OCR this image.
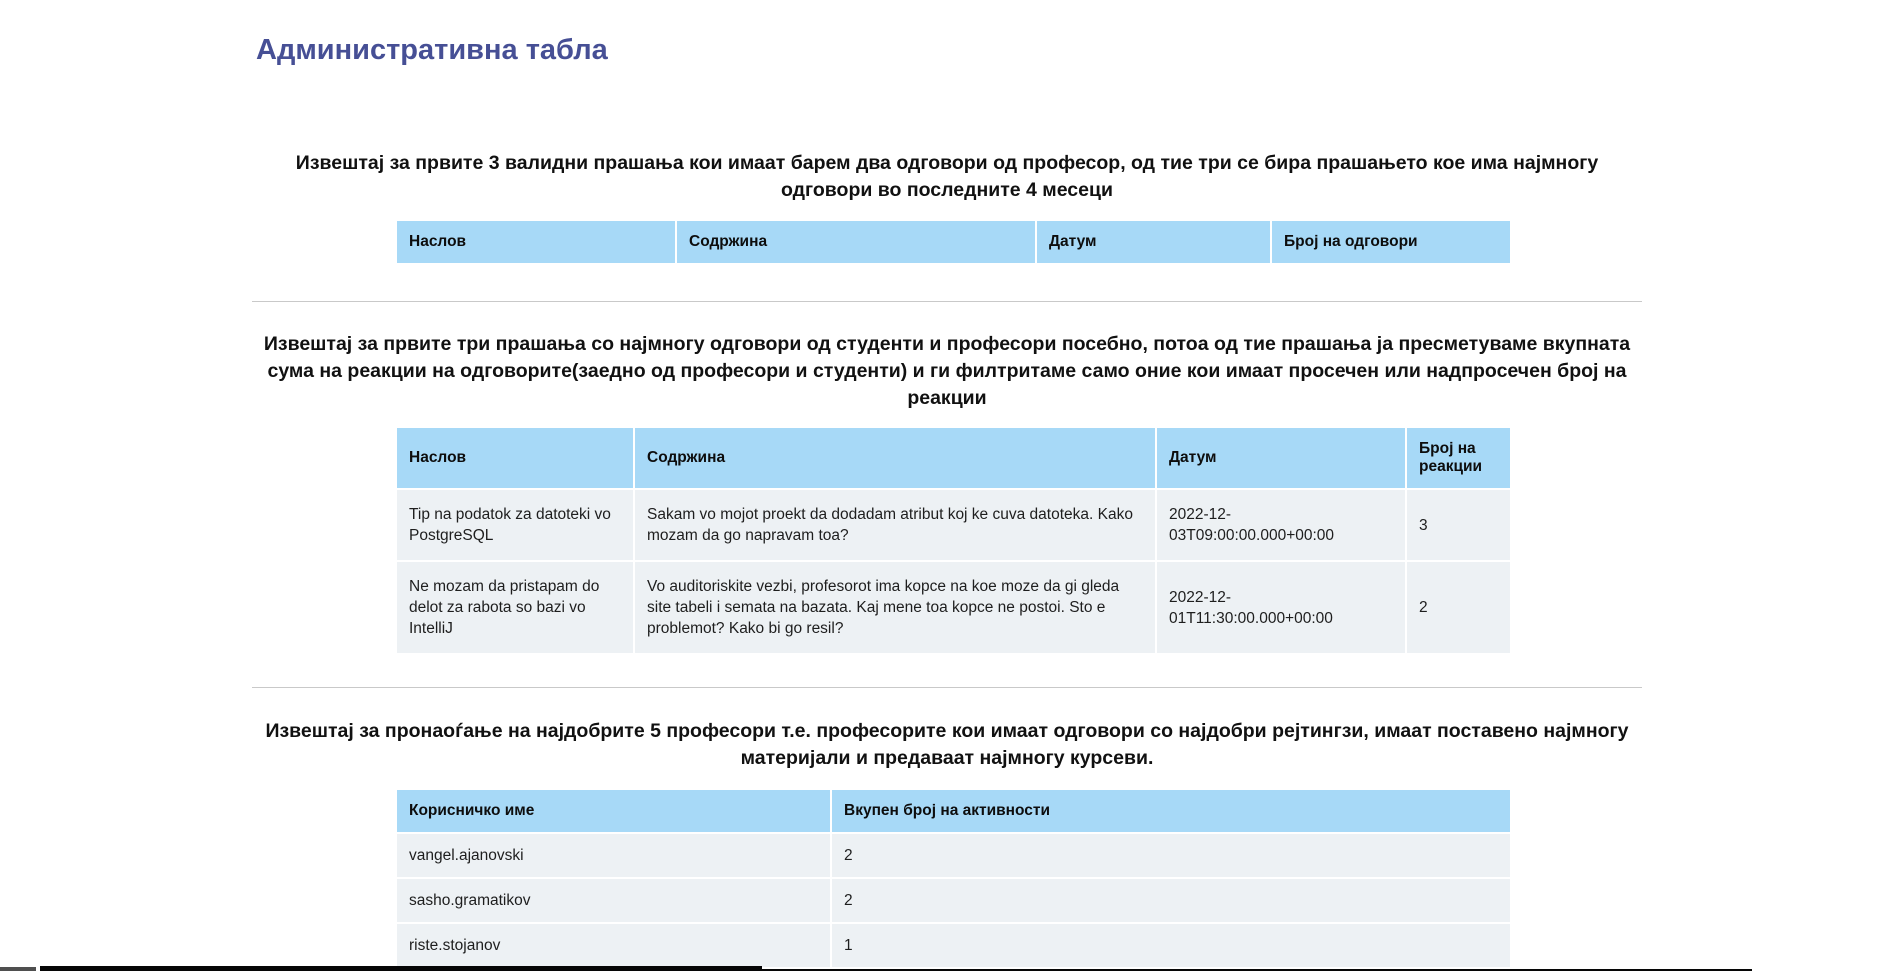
Административна табла
Извештај за првите 3 валидни прашања кои имаат барем два одговори од професор, од тие три се бира прашањето кое има најмногу одговори во последните 4 месеци
Наслов	Содржина	Датум	Број на одговори
Извештај за првите три прашања со најмногу одговори од студенти и професори посебно, потоа од тие прашања ја пресметуваме вкупната сума на реакции на одговорите(заедно од професори и студенти) и ги филтритаме само оние кои имаат просечен или надпросечен број на реакции
Наслов	Содржина	Датум	Број на реакции
Tip na podatok za datoteki vo PostgreSQL	Sakam vo mojot proekt da dodadam atribut koj ke cuva datoteka. Kako mozam da go napravam toa?	2022-12-03T09:00:00.000+00:00	3
Ne mozam da pristapam do delot za rabota so bazi vo IntelliJ	Vo auditoriskite vezbi, profesorot ima kopce na koe moze da gi gleda site tabeli i semata na bazata. Kaj mene toa kopce ne postoi. Sto e problemot? Kako bi go resil?	2022-12-01T11:30:00.000+00:00	2
Извештај за пронаоѓање на најдобрите 5 професори т.е. професорите кои имаат одговори со најдобри рејтингзи, имаат поставено најмногу материјали и предаваат најмногу курсеви.
Корисничко име	Вкупен број на активности
vangel.ajanovski	2
sasho.gramatikov	2
riste.stojanov	1
